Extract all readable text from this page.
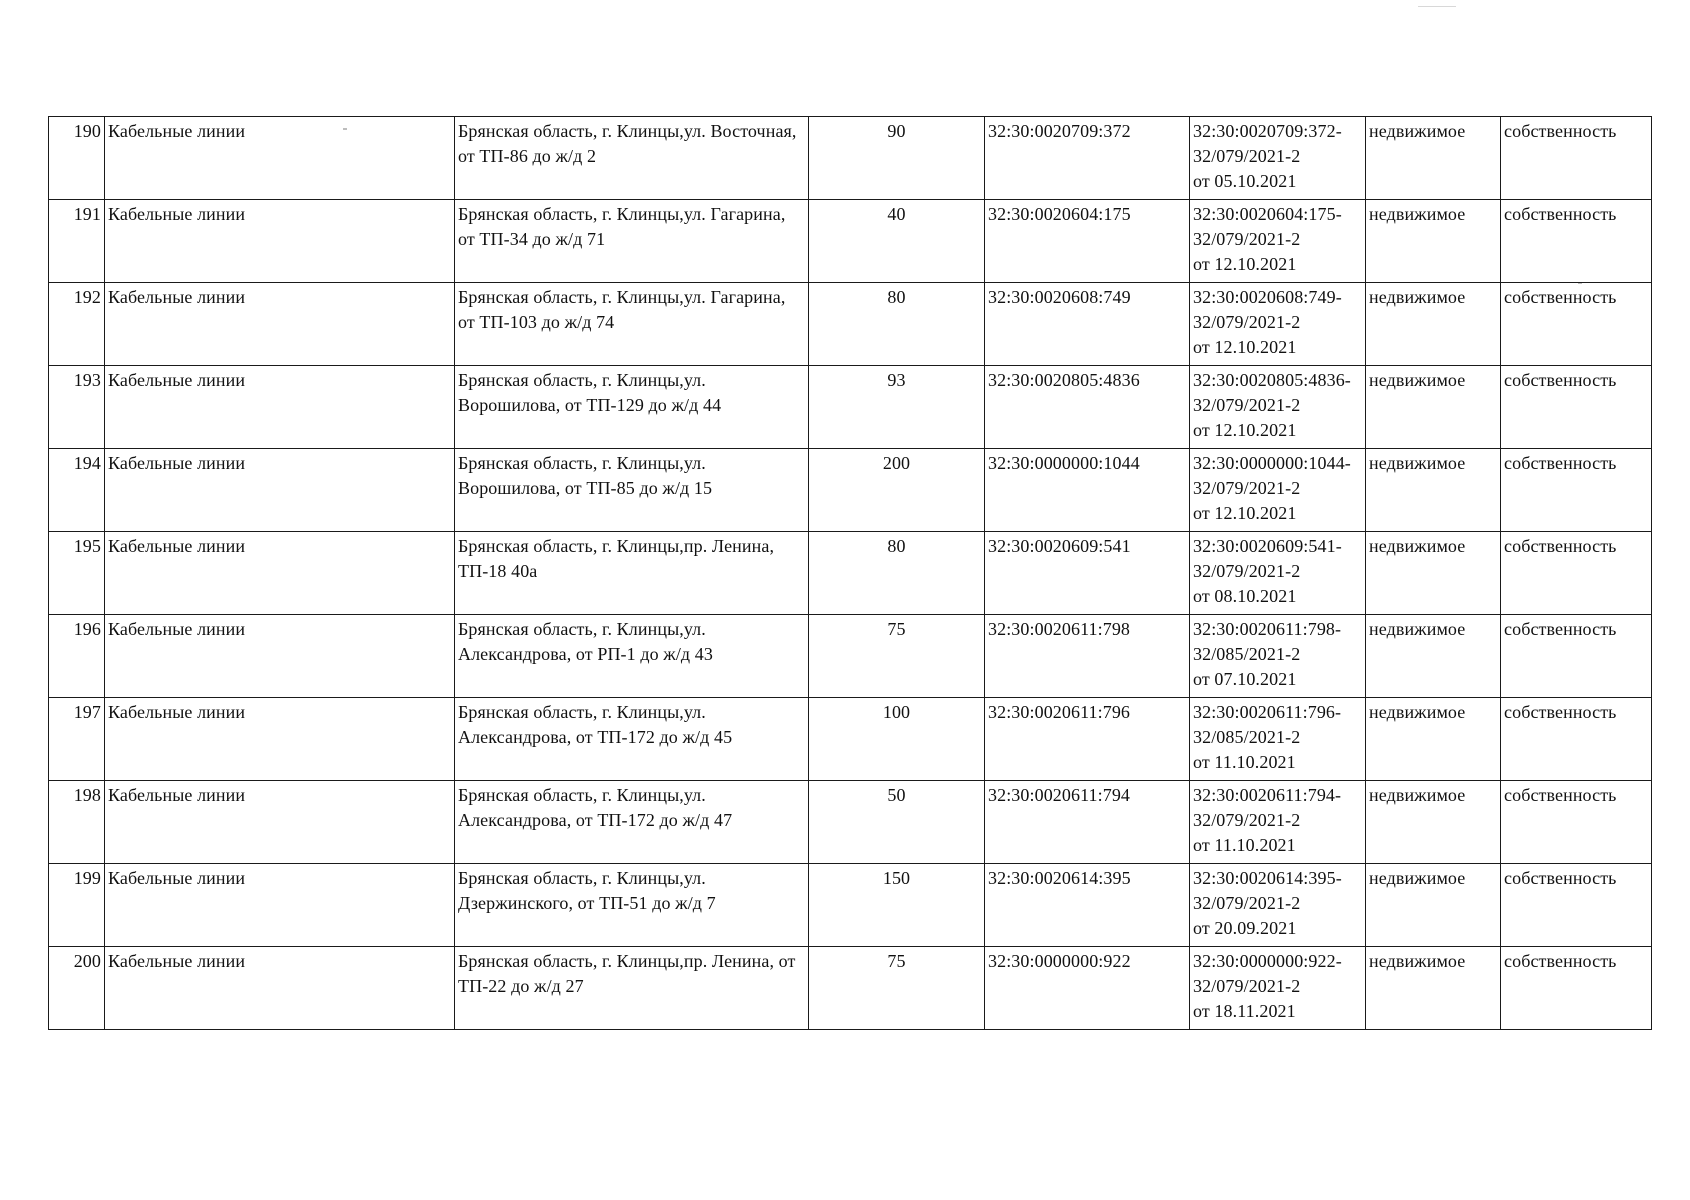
190	Кабельные линии	Брянская область, г. Клинцы,ул. Восточная, от ТП-86 до ж/д 2	90	32:30:0020709:372	32:30:0020709:372-
32/079/2021-2
от 05.10.2021	недвижимое	собственность
191	Кабельные линии	Брянская область, г. Клинцы,ул. Гагарина, от ТП-34 до ж/д 71	40	32:30:0020604:175	32:30:0020604:175-
32/079/2021-2
от 12.10.2021	недвижимое	собственность
192	Кабельные линии	Брянская область, г. Клинцы,ул. Гагарина, от ТП-103 до ж/д 74	80	32:30:0020608:749	32:30:0020608:749-
32/079/2021-2
от 12.10.2021	недвижимое	собственность
193	Кабельные линии	Брянская область, г. Клинцы,ул. Ворошилова, от ТП-129 до ж/д 44	93	32:30:0020805:4836	32:30:0020805:4836-
32/079/2021-2
от 12.10.2021	недвижимое	собственность
194	Кабельные линии	Брянская область, г. Клинцы,ул. Ворошилова, от ТП-85 до ж/д 15	200	32:30:0000000:1044	32:30:0000000:1044-
32/079/2021-2
от 12.10.2021	недвижимое	собственность
195	Кабельные линии	Брянская область, г. Клинцы,пр. Ленина, ТП-18 40а	80	32:30:0020609:541	32:30:0020609:541-
32/079/2021-2
от 08.10.2021	недвижимое	собственность
196	Кабельные линии	Брянская область, г. Клинцы,ул. Александрова, от РП-1 до ж/д 43	75	32:30:0020611:798	32:30:0020611:798-
32/085/2021-2
от 07.10.2021	недвижимое	собственность
197	Кабельные линии	Брянская область, г. Клинцы,ул. Александрова, от ТП-172 до ж/д 45	100	32:30:0020611:796	32:30:0020611:796-
32/085/2021-2
от 11.10.2021	недвижимое	собственность
198	Кабельные линии	Брянская область, г. Клинцы,ул. Александрова, от ТП-172 до ж/д 47	50	32:30:0020611:794	32:30:0020611:794-
32/079/2021-2
от 11.10.2021	недвижимое	собственность
199	Кабельные линии	Брянская область, г. Клинцы,ул. Дзержинского, от ТП-51 до ж/д 7	150	32:30:0020614:395	32:30:0020614:395-
32/079/2021-2
от 20.09.2021	недвижимое	собственность
200	Кабельные линии	Брянская область, г. Клинцы,пр. Ленина, от ТП-22 до ж/д 27	75	32:30:0000000:922	32:30:0000000:922-
32/079/2021-2
от 18.11.2021	недвижимое	собственность
